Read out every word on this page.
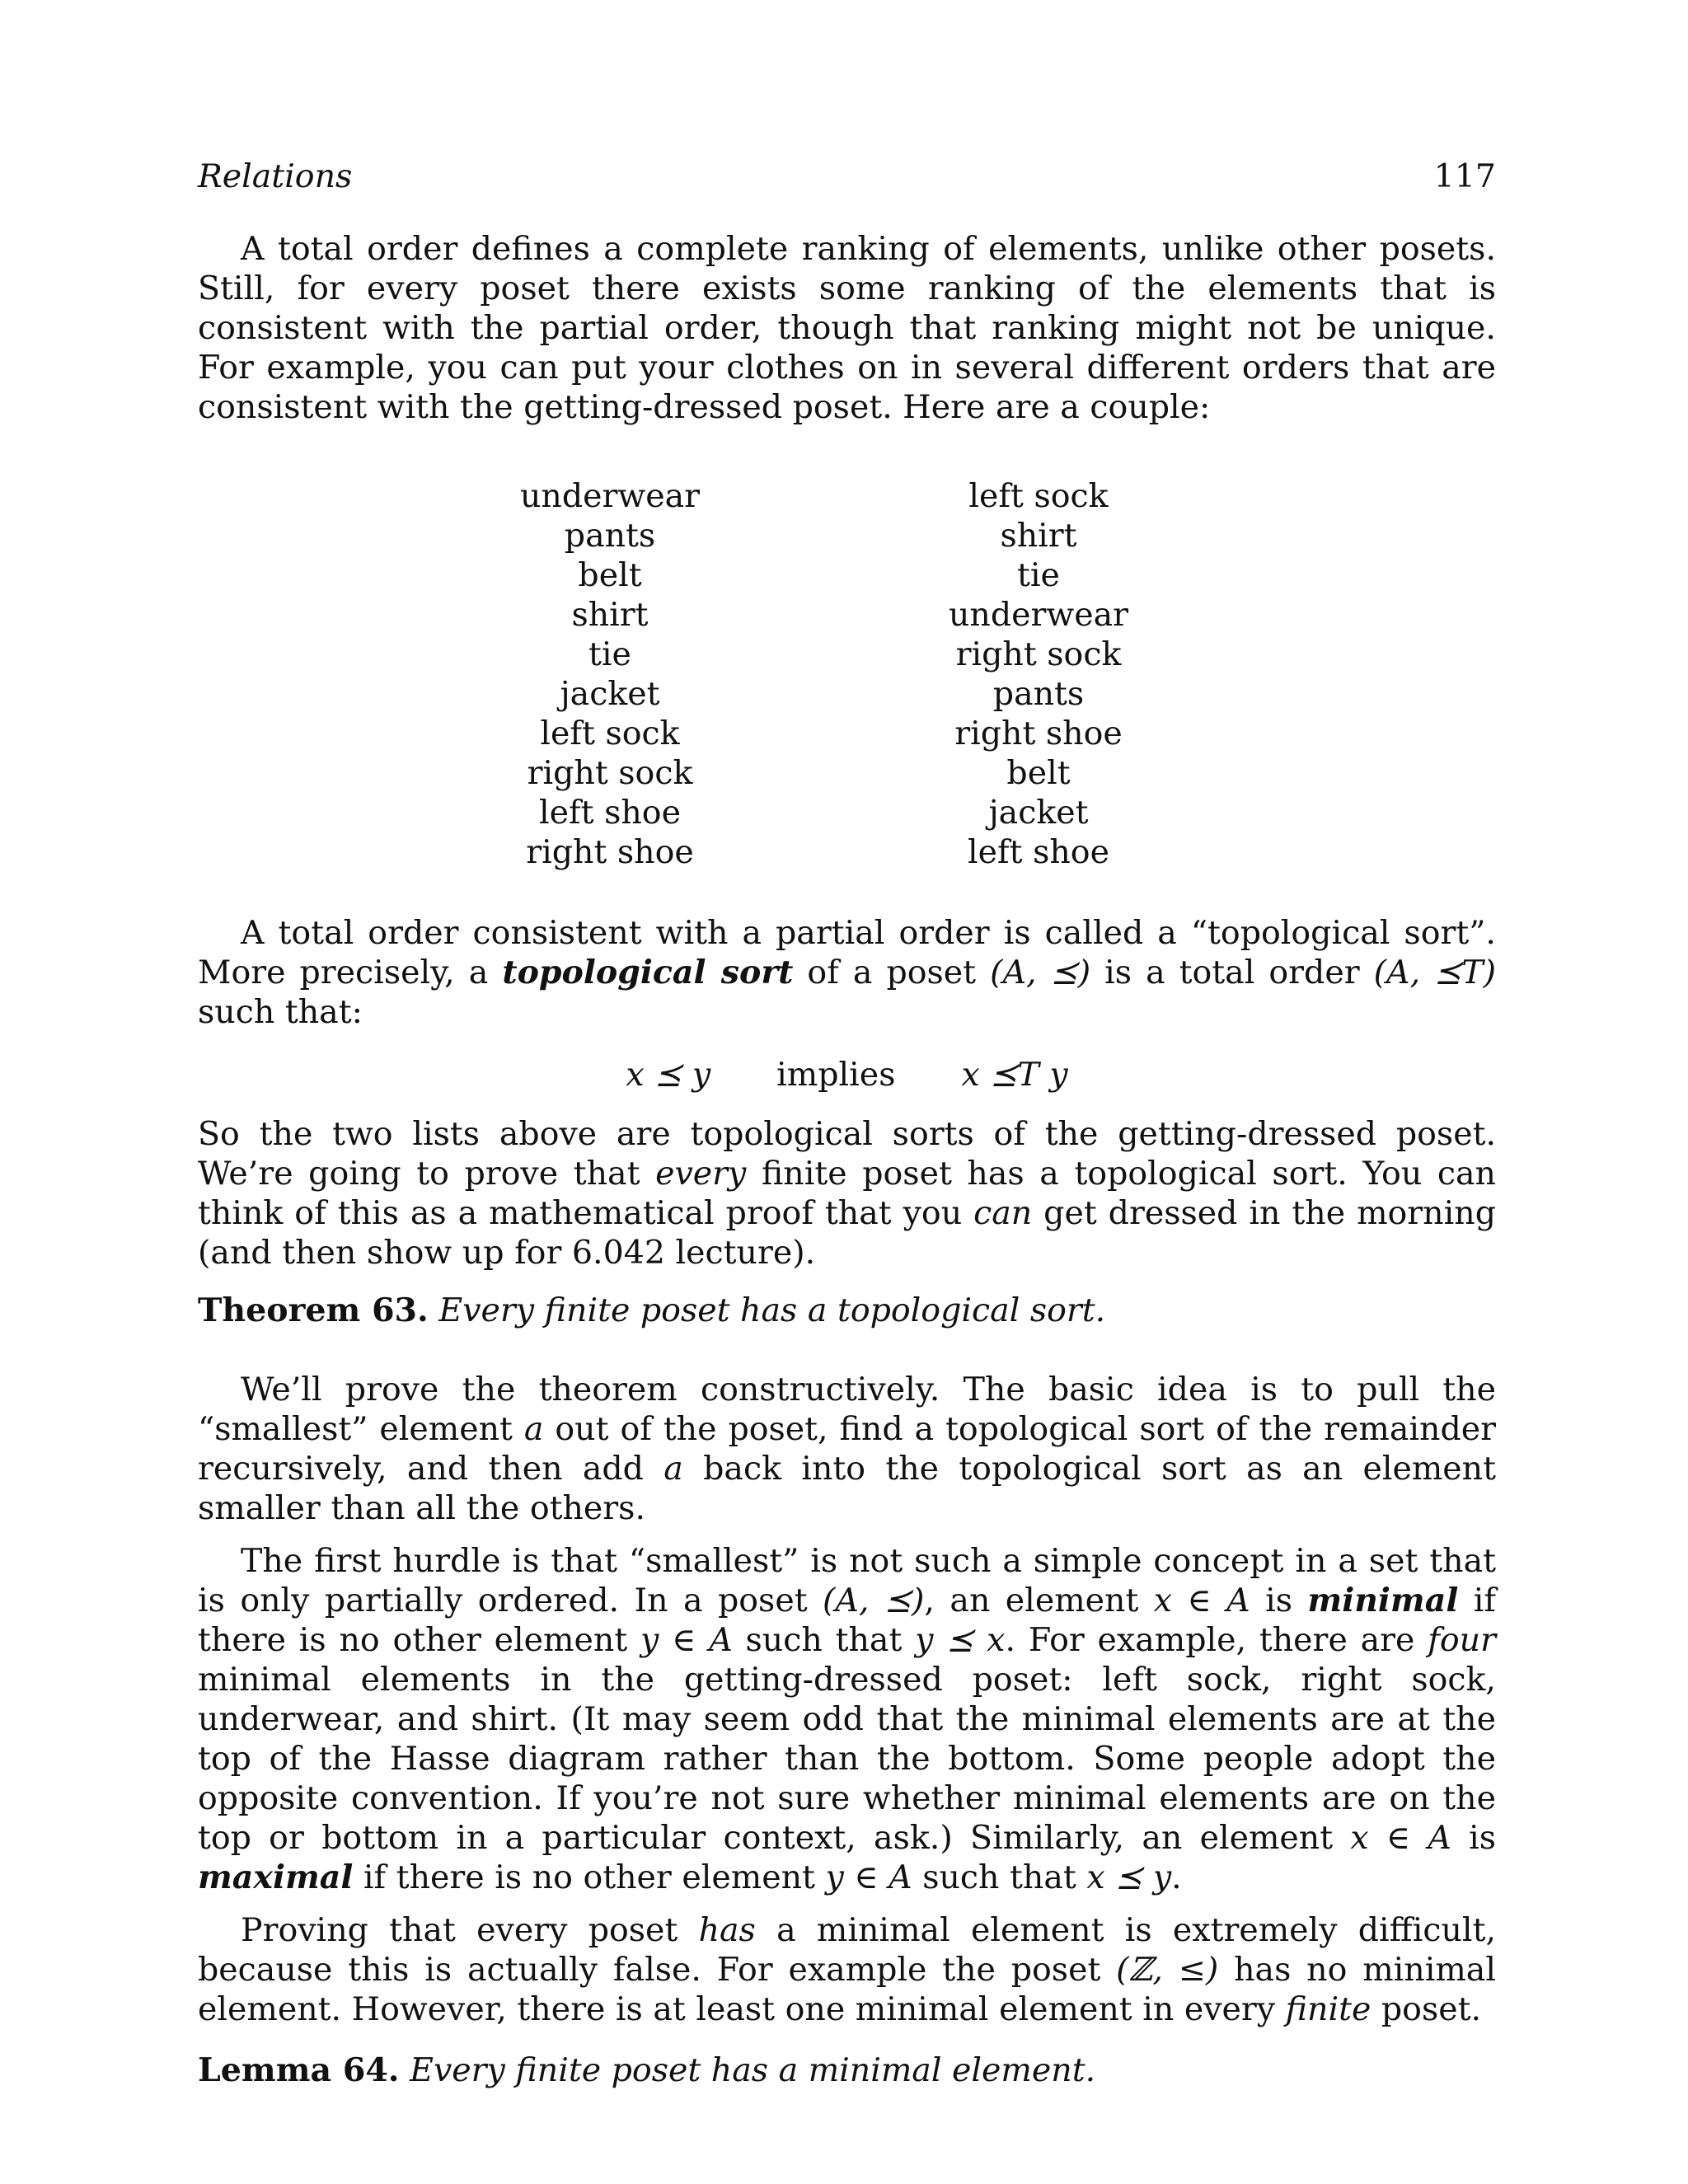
Relations	117

A total order defines a complete ranking of elements, unlike other posets. Still, for every poset there exists some ranking of the elements that is consistent with the partial order, though that ranking might not be unique. For example, you can put your clothes on in several different orders that are consistent with the getting-dressed poset. Here are a couple:

underwear
pants
belt
shirt
tie
jacket
left sock
right sock
left shoe
right shoe
left sock
shirt
tie
underwear
right sock
pants
right shoe
belt
jacket
left shoe

A total order consistent with a partial order is called a “topological sort”. More precisely, a topological sort of a poset (A, ⪯) is a total order (A, ⪯T) such that:

x ⪯ y implies x ⪯T y

So the two lists above are topological sorts of the getting-dressed poset. We’re going to prove that every finite poset has a topological sort. You can think of this as a mathematical proof that you can get dressed in the morning (and then show up for 6.042 lecture).

Theorem 63. Every finite poset has a topological sort.

We’ll prove the theorem constructively. The basic idea is to pull the “smallest” element a out of the poset, find a topological sort of the remainder recursively, and then add a back into the topological sort as an element smaller than all the others.

The first hurdle is that “smallest” is not such a simple concept in a set that is only partially ordered. In a poset (A, ⪯), an element x ∈ A is minimal if there is no other element y ∈ A such that y ⪯ x. For example, there are four minimal elements in the getting-dressed poset: left sock, right sock, underwear, and shirt. (It may seem odd that the minimal elements are at the top of the Hasse diagram rather than the bottom. Some people adopt the opposite convention. If you’re not sure whether minimal elements are on the top or bottom in a particular context, ask.) Similarly, an element x ∈ A is maximal if there is no other element y ∈ A such that x ⪯ y.

Proving that every poset has a minimal element is extremely difficult, because this is actually false. For example the poset (ℤ, ≤) has no minimal element. However, there is at least one minimal element in every finite poset.

Lemma 64. Every finite poset has a minimal element.
